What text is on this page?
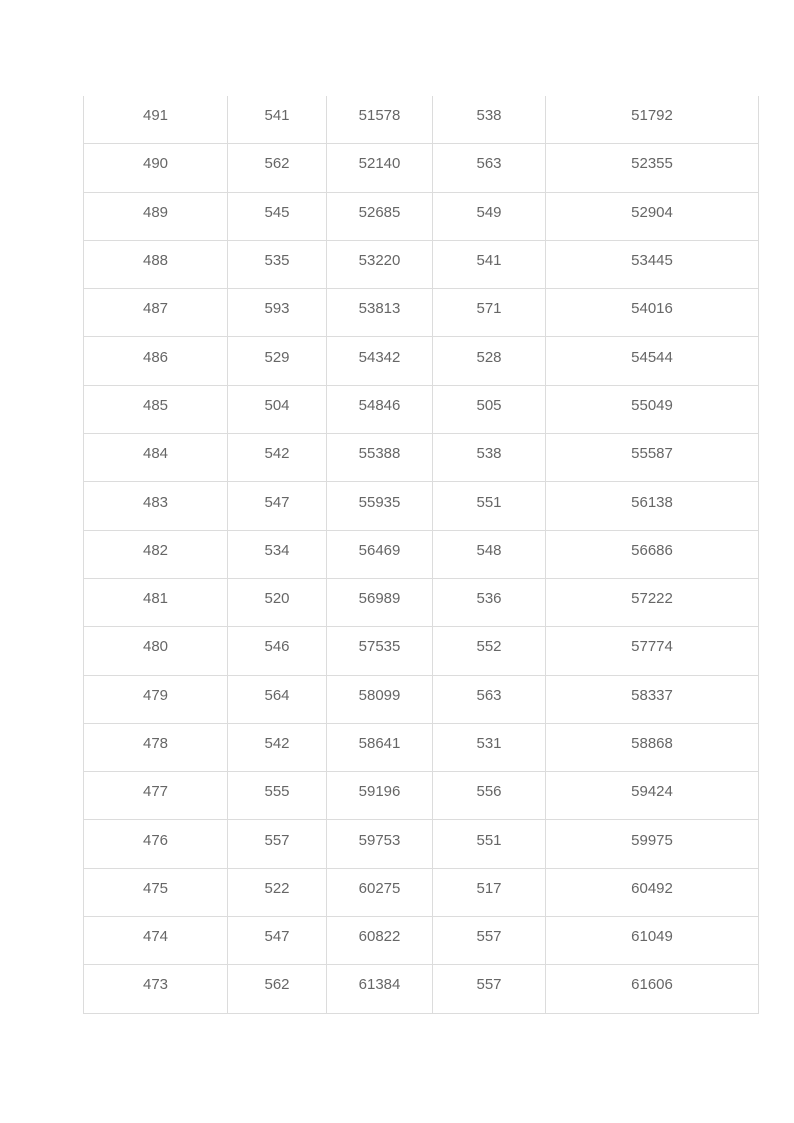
491	541	51578	538	51792
490	562	52140	563	52355
489	545	52685	549	52904
488	535	53220	541	53445
487	593	53813	571	54016
486	529	54342	528	54544
485	504	54846	505	55049
484	542	55388	538	55587
483	547	55935	551	56138
482	534	56469	548	56686
481	520	56989	536	57222
480	546	57535	552	57774
479	564	58099	563	58337
478	542	58641	531	58868
477	555	59196	556	59424
476	557	59753	551	59975
475	522	60275	517	60492
474	547	60822	557	61049
473	562	61384	557	61606
